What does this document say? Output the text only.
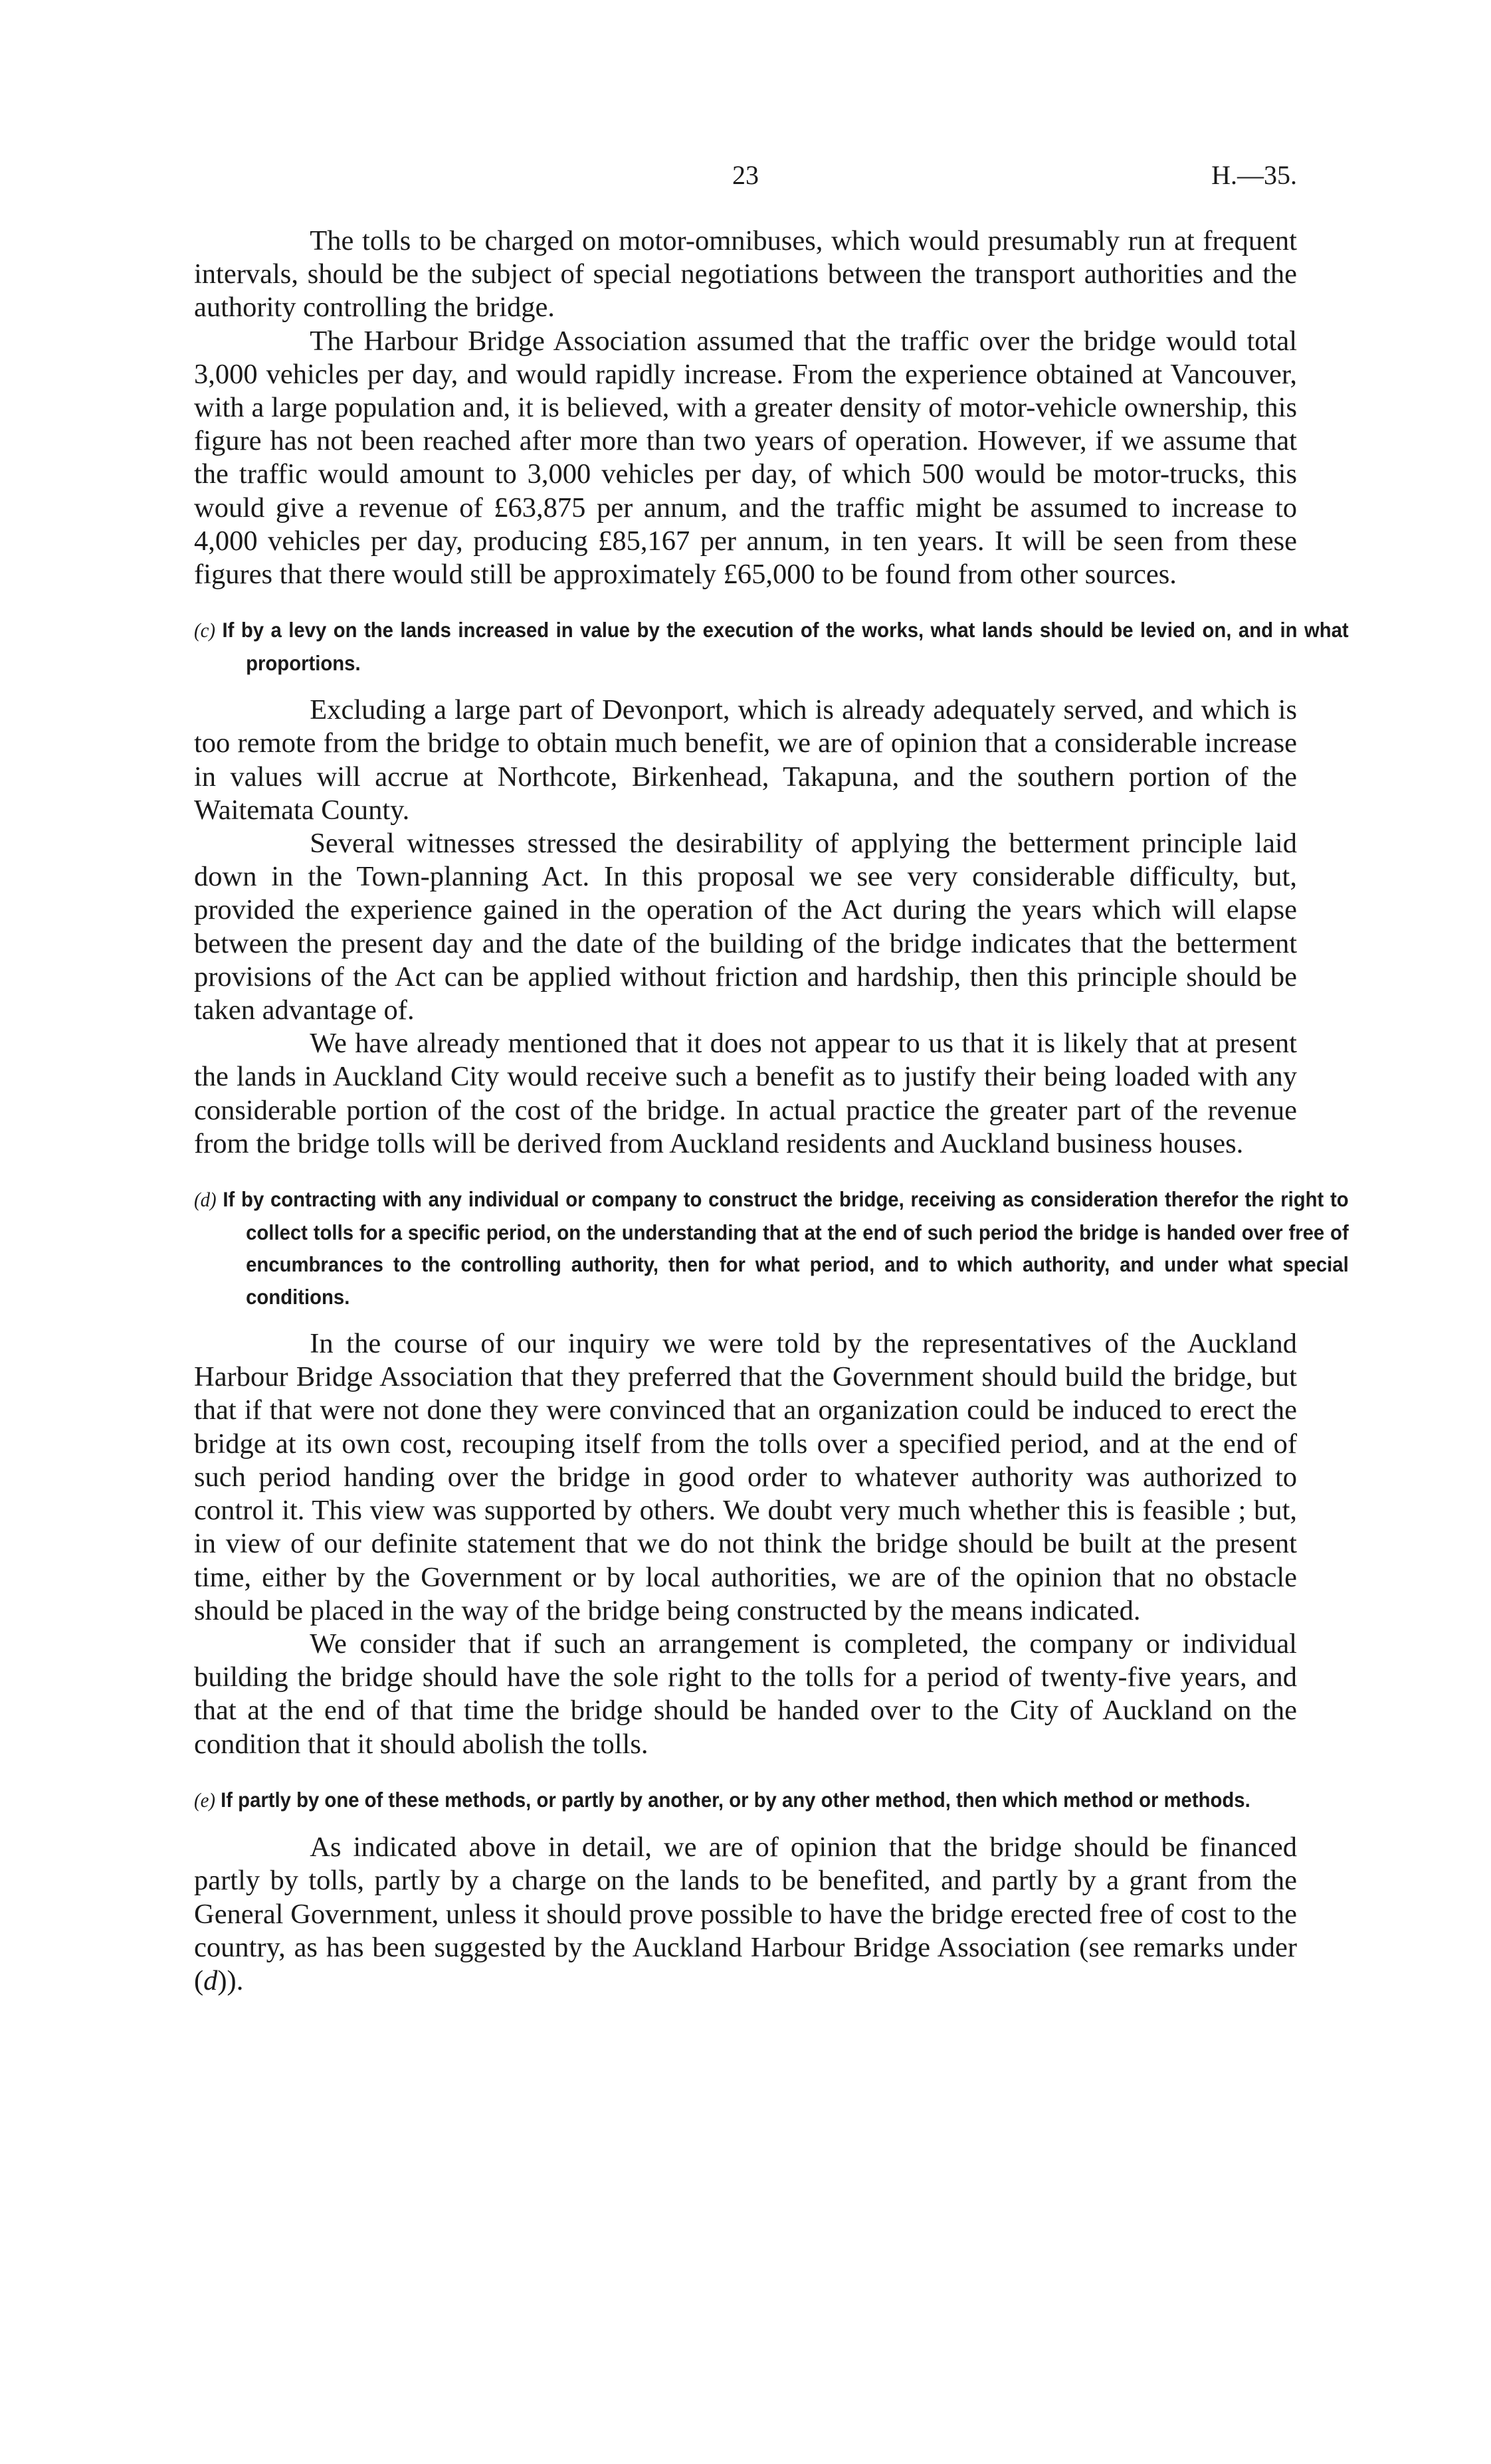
23	H.—35.

The tolls to be charged on motor-omnibuses, which would presumably run at frequent intervals, should be the subject of special negotiations between the transport authorities and the authority controlling the bridge.

The Harbour Bridge Association assumed that the traffic over the bridge would total 3,000 vehicles per day, and would rapidly increase. From the experience obtained at Vancouver, with a large population and, it is believed, with a greater density of motor-vehicle ownership, this figure has not been reached after more than two years of operation. However, if we assume that the traffic would amount to 3,000 vehicles per day, of which 500 would be motor-trucks, this would give a revenue of £63,875 per annum, and the traffic might be assumed to increase to 4,000 vehicles per day, producing £85,167 per annum, in ten years. It will be seen from these figures that there would still be approximately £65,000 to be found from other sources.

(c) If by a levy on the lands increased in value by the execution of the works, what lands should be levied on, and in what proportions.

Excluding a large part of Devonport, which is already adequately served, and which is too remote from the bridge to obtain much benefit, we are of opinion that a considerable increase in values will accrue at Northcote, Birkenhead, Takapuna, and the southern portion of the Waitemata County.

Several witnesses stressed the desirability of applying the betterment principle laid down in the Town-planning Act. In this proposal we see very considerable difficulty, but, provided the experience gained in the operation of the Act during the years which will elapse between the present day and the date of the building of the bridge indicates that the betterment provisions of the Act can be applied without friction and hardship, then this principle should be taken advantage of.

We have already mentioned that it does not appear to us that it is likely that at present the lands in Auckland City would receive such a benefit as to justify their being loaded with any considerable portion of the cost of the bridge. In actual practice the greater part of the revenue from the bridge tolls will be derived from Auckland residents and Auckland business houses.

(d) If by contracting with any individual or company to construct the bridge, receiving as consideration therefor the right to collect tolls for a specific period, on the understanding that at the end of such period the bridge is handed over free of encumbrances to the controlling authority, then for what period, and to which authority, and under what special conditions.

In the course of our inquiry we were told by the representatives of the Auckland Harbour Bridge Association that they preferred that the Government should build the bridge, but that if that were not done they were convinced that an organization could be induced to erect the bridge at its own cost, recouping itself from the tolls over a specified period, and at the end of such period handing over the bridge in good order to whatever authority was authorized to control it. This view was supported by others. We doubt very much whether this is feasible ; but, in view of our definite statement that we do not think the bridge should be built at the present time, either by the Government or by local authorities, we are of the opinion that no obstacle should be placed in the way of the bridge being constructed by the means indicated.

We consider that if such an arrangement is completed, the company or individual building the bridge should have the sole right to the tolls for a period of twenty-five years, and that at the end of that time the bridge should be handed over to the City of Auckland on the condition that it should abolish the tolls.

(e) If partly by one of these methods, or partly by another, or by any other method, then which method or methods.

As indicated above in detail, we are of opinion that the bridge should be financed partly by tolls, partly by a charge on the lands to be benefited, and partly by a grant from the General Government, unless it should prove possible to have the bridge erected free of cost to the country, as has been suggested by the Auckland Harbour Bridge Association (see remarks under (d)).
